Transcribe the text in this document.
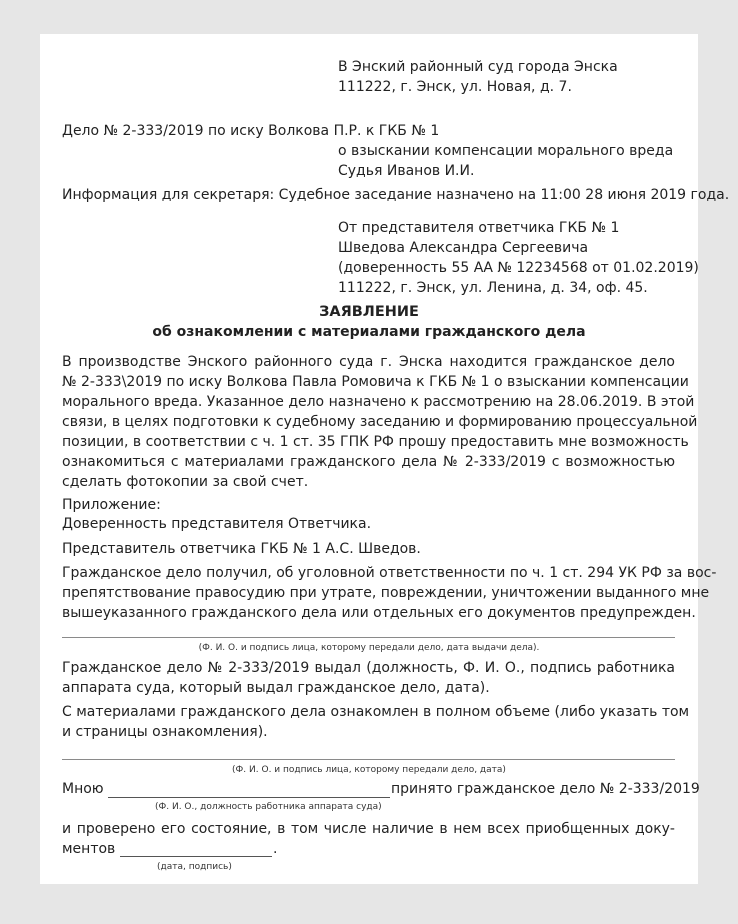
В Энский районный суд города Энска
111222, г. Энск, ул. Новая, д. 7.
Дело № 2-333/2019 по иску Волкова П.Р. к ГКБ № 1
о взыскании компенсации морального вреда
Судья Иванов И.И.
Информация для секретаря: Судебное заседание назначено на 11:00 28 июня 2019 года.
От представителя ответчика ГКБ № 1
Шведова Александра Сергеевича
(доверенность 55 АА № 12234568 от 01.02.2019)
111222, г. Энск, ул. Ленина, д. 34, оф. 45.
ЗАЯВЛЕНИЕ
об ознакомлении с материалами гражданского дела
В производстве Энского районного суда г. Энска находится гражданское дело
№ 2-333\2019 по иску Волкова Павла Ромовича к ГКБ № 1 о взыскании компенсации
морального вреда. Указанное дело назначено к рассмотрению на 28.06.2019. В этой
связи, в целях подготовки к судебному заседанию и формированию процессуальной
позиции, в соответствии с ч. 1 ст. 35 ГПК РФ прошу предоставить мне возможность
ознакомиться с материалами гражданского дела № 2-333/2019 с возможностью
сделать фотокопии за свой счет.
Приложение:
Доверенность представителя Ответчика.
Представитель ответчика ГКБ № 1 А.С. Шведов.
Гражданское дело получил, об уголовной ответственности по ч. 1 ст. 294 УК РФ за вос-
препятствование правосудию при утрате, повреждении, уничтожении выданного мне
вышеуказанного гражданского дела или отдельных его документов предупрежден.
(Ф. И. О. и подпись лица, которому передали дело, дата выдачи дела).
Гражданское дело № 2-333/2019 выдал (должность, Ф. И. О., подпись работника
аппарата суда, который выдал гражданское дело, дата).
С материалами гражданского дела ознакомлен в полном объеме (либо указать том
и страницы ознакомления).
(Ф. И. О. и подпись лица, которому передали дело, дата)
Мною	принято гражданское дело № 2-333/2019
(Ф. И. О., должность работника аппарата суда)
и проверено его состояние, в том числе наличие в нем всех приобщенных доку-
ментов	.
(дата, подпись)
